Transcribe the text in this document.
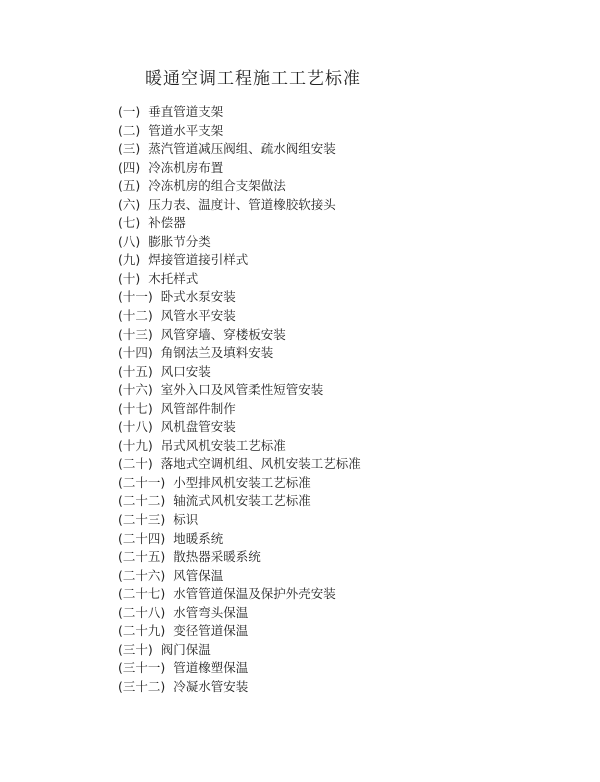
暖通空调工程施工工艺标准
(一) 垂直管道支架
(二) 管道水平支架
(三) 蒸汽管道减压阀组、疏水阀组安装
(四) 冷冻机房布置
(五) 冷冻机房的组合支架做法
(六) 压力表、温度计、管道橡胶软接头
(七) 补偿器
(八) 膨胀节分类
(九) 焊接管道接引样式
(十) 木托样式
(十一) 卧式水泵安装
(十二) 风管水平安装
(十三) 风管穿墙、穿楼板安装
(十四) 角钢法兰及填料安装
(十五) 风口安装
(十六) 室外入口及风管柔性短管安装
(十七) 风管部件制作
(十八) 风机盘管安装
(十九) 吊式风机安装工艺标准
(二十) 落地式空调机组、风机安装工艺标准
(二十一) 小型排风机安装工艺标准
(二十二) 轴流式风机安装工艺标准
(二十三) 标识
(二十四) 地暖系统
(二十五) 散热器采暖系统
(二十六) 风管保温
(二十七) 水管管道保温及保护外壳安装
(二十八) 水管弯头保温
(二十九) 变径管道保温
(三十) 阀门保温
(三十一) 管道橡塑保温
(三十二) 冷凝水管安装
